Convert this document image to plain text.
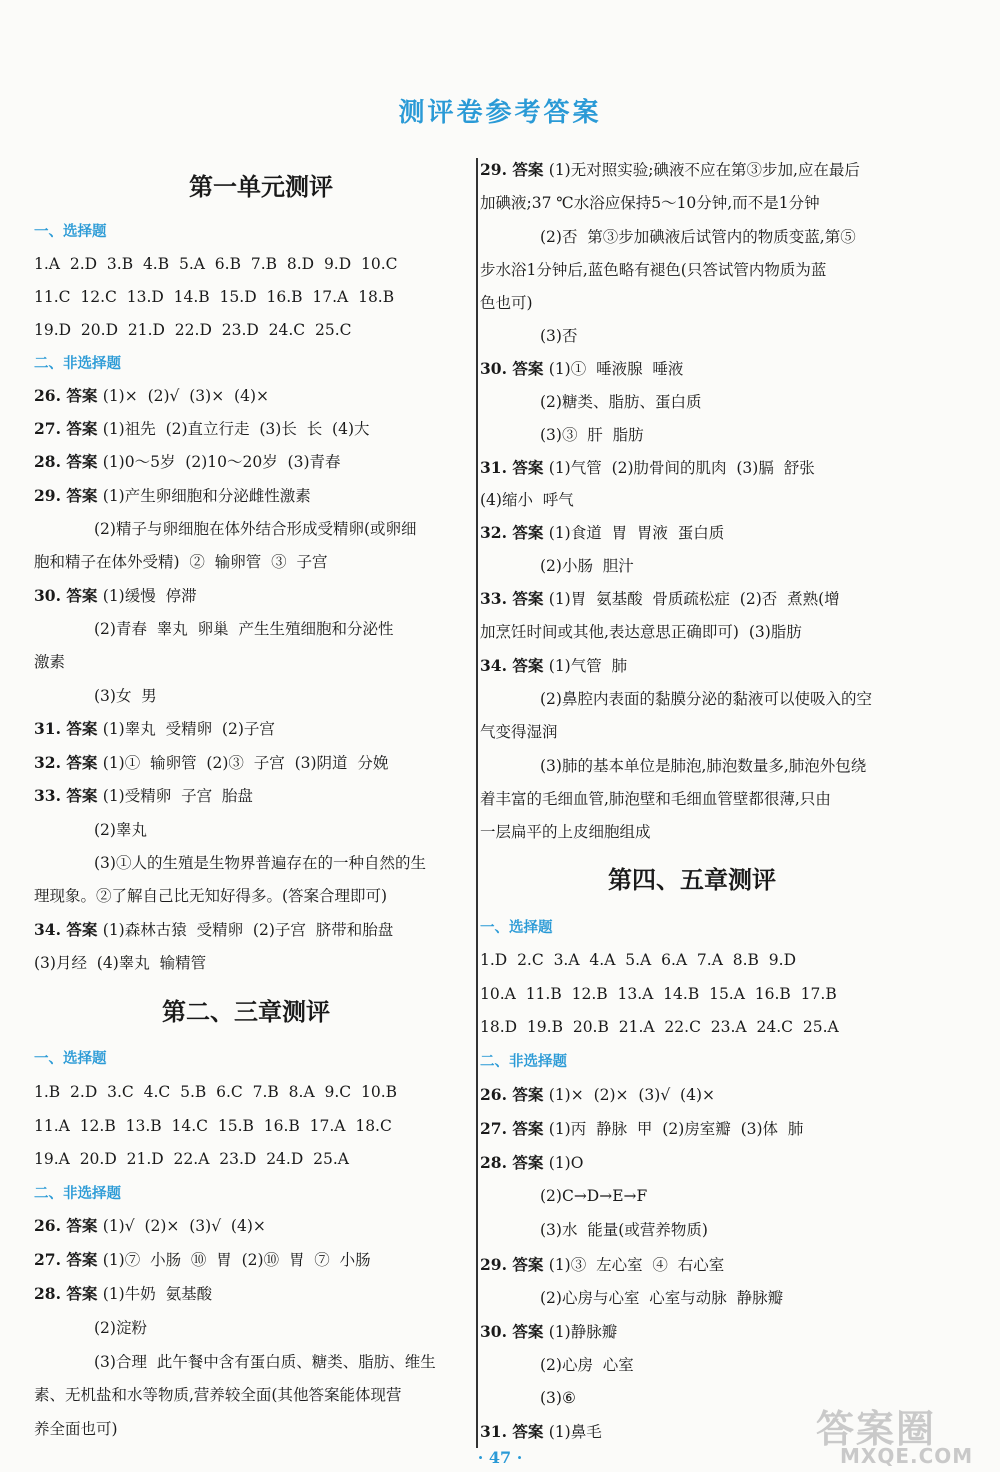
测评卷参考答案
第一单元测评
一、选择题
1.A  2.D  3.B  4.B  5.A  6.B  7.B  8.D  9.D  10.C
11.C  12.C  13.D  14.B  15.D  16.B  17.A  18.B
19.D  20.D  21.D  22.D  23.D  24.C  25.C
二、非选择题
26. 答案 (1)×  (2)√  (3)×  (4)×
27. 答案 (1)祖先  (2)直立行走  (3)长  长  (4)大
28. 答案 (1)0～5岁  (2)10～20岁  (3)青春
29. 答案 (1)产生卵细胞和分泌雌性激素
(2)精子与卵细胞在体外结合形成受精卵(或卵细
胞和精子在体外受精)  ②  输卵管  ③  子宫
30. 答案 (1)缓慢  停滞
(2)青春  睾丸  卵巢  产生生殖细胞和分泌性
激素
(3)女  男
31. 答案 (1)睾丸  受精卵  (2)子宫
32. 答案 (1)①  输卵管  (2)③  子宫  (3)阴道  分娩
33. 答案 (1)受精卵  子宫  胎盘
(2)睾丸
(3)①人的生殖是生物界普遍存在的一种自然的生
理现象。②了解自己比无知好得多。(答案合理即可)
34. 答案 (1)森林古猿  受精卵  (2)子宫  脐带和胎盘
(3)月经  (4)睾丸  输精管
第二、三章测评
一、选择题
1.B  2.D  3.C  4.C  5.B  6.C  7.B  8.A  9.C  10.B
11.A  12.B  13.B  14.C  15.B  16.B  17.A  18.C
19.A  20.D  21.D  22.A  23.D  24.D  25.A
二、非选择题
26. 答案 (1)√  (2)×  (3)√  (4)×
27. 答案 (1)⑦  小肠  ⑩  胃  (2)⑩  胃  ⑦  小肠
28. 答案 (1)牛奶  氨基酸
(2)淀粉
(3)合理  此午餐中含有蛋白质、糖类、脂肪、维生
素、无机盐和水等物质,营养较全面(其他答案能体现营
养全面也可)
29. 答案 (1)无对照实验;碘液不应在第③步加,应在最后
加碘液;37 ℃水浴应保持5～10分钟,而不是1分钟
(2)否  第③步加碘液后试管内的物质变蓝,第⑤
步水浴1分钟后,蓝色略有褪色(只答试管内物质为蓝
色也可)
(3)否
30. 答案 (1)①  唾液腺  唾液
(2)糖类、脂肪、蛋白质
(3)③  肝  脂肪
31. 答案 (1)气管  (2)肋骨间的肌肉  (3)膈  舒张
(4)缩小  呼气
32. 答案 (1)食道  胃  胃液  蛋白质
(2)小肠  胆汁
33. 答案 (1)胃  氨基酸  骨质疏松症  (2)否  煮熟(增
加烹饪时间或其他,表达意思正确即可)  (3)脂肪
34. 答案 (1)气管  肺
(2)鼻腔内表面的黏膜分泌的黏液可以使吸入的空
气变得湿润
(3)肺的基本单位是肺泡,肺泡数量多,肺泡外包绕
着丰富的毛细血管,肺泡壁和毛细血管壁都很薄,只由
一层扁平的上皮细胞组成
第四、五章测评
一、选择题
1.D  2.C  3.A  4.A  5.A  6.A  7.A  8.B  9.D
10.A  11.B  12.B  13.A  14.B  15.A  16.B  17.B
18.D  19.B  20.B  21.A  22.C  23.A  24.C  25.A
二、非选择题
26. 答案 (1)×  (2)×  (3)√  (4)×
27. 答案 (1)丙  静脉  甲  (2)房室瓣  (3)体  肺
28. 答案 (1)O
(2)C→D→E→F
(3)水  能量(或营养物质)
29. 答案 (1)③  左心室  ④  右心室
(2)心房与心室  心室与动脉  静脉瓣
30. 答案 (1)静脉瓣
(2)心房  心室
(3)⑥
31. 答案 (1)鼻毛
· 47 ·
答案圈
MXQE.COM
